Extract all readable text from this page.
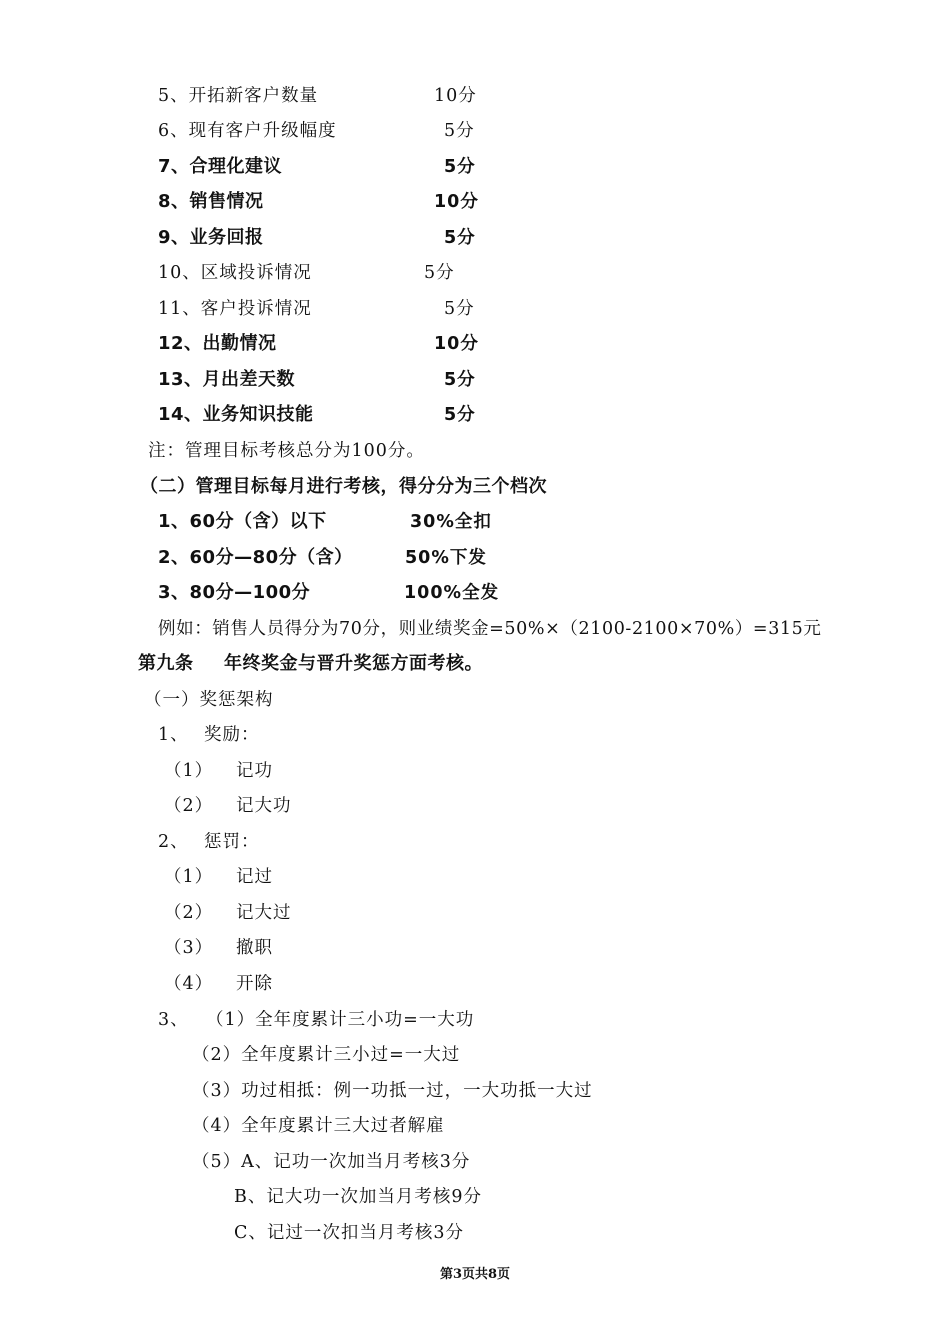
5、开拓新客户数量	10分
6、现有客户升级幅度	5分
7、合理化建议	5分
8、销售情况	10分
9、业务回报	5分
10、区域投诉情况	5分
11、客户投诉情况	5分
12、出勤情况	10分
13、月出差天数	5分
14、业务知识技能	5分
注：管理目标考核总分为100分。
（二）管理目标每月进行考核，得分分为三个档次
1、60分（含）以下	30%全扣
2、60分—80分（含）	50%下发
3、80分—100分	100%全发
例如：销售人员得分为70分，则业绩奖金=50%×（2100-2100×70%）=315元
第九条 年终奖金与晋升奖惩方面考核。
（一）奖惩架构
1、 奖励：
（1） 记功
（2） 记大功
2、 惩罚：
（1） 记过
（2） 记大过
（3） 撤职
（4） 开除
3、 （1）全年度累计三小功=一大功
（2）全年度累计三小过=一大过
（3）功过相抵：例一功抵一过，一大功抵一大过
（4）全年度累计三大过者解雇
（5）A、记功一次加当月考核3分
B、记大功一次加当月考核9分
C、记过一次扣当月考核3分
第3页共8页
